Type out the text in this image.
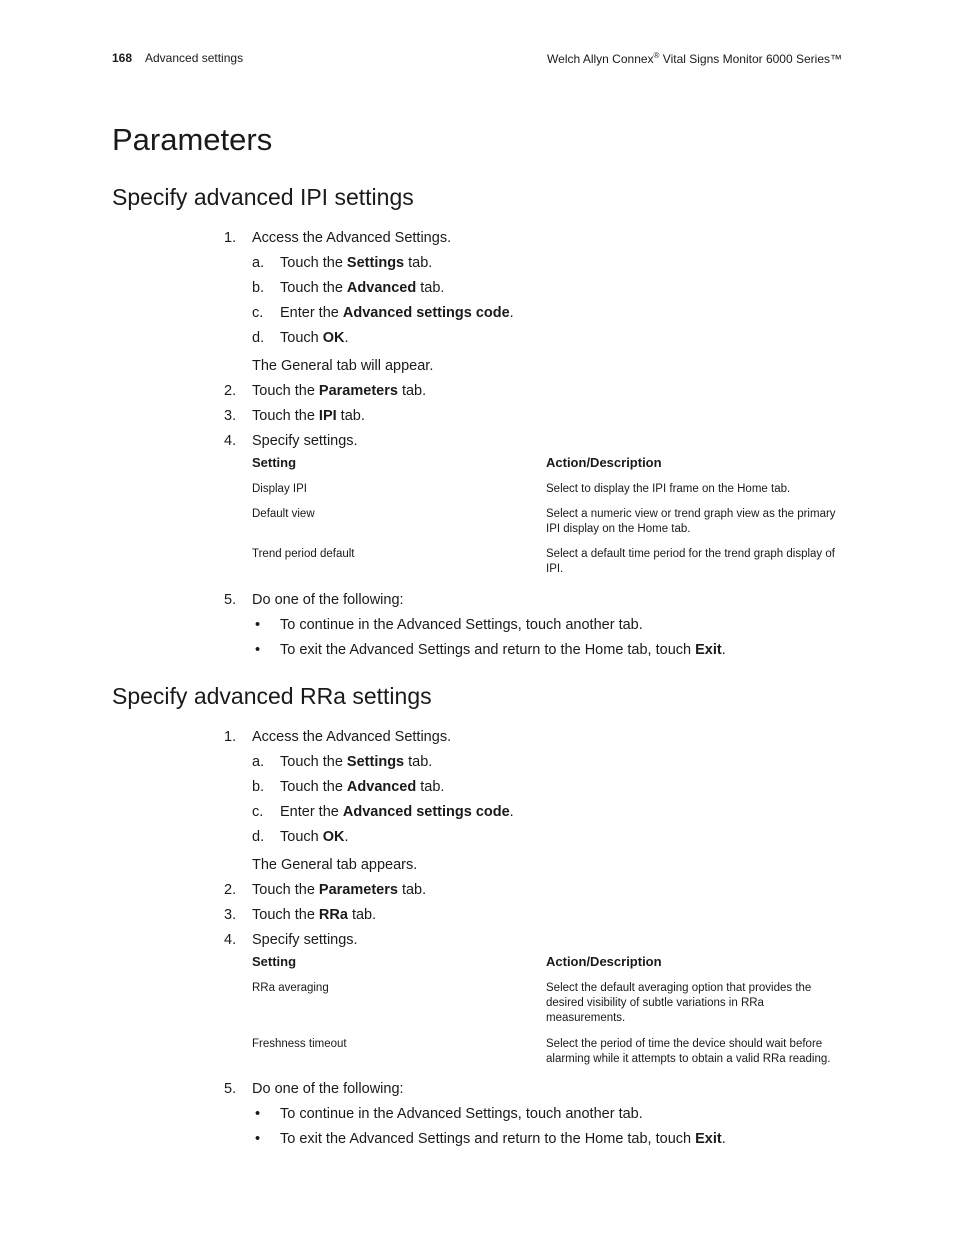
168 Advanced settings	Welch Allyn Connex® Vital Signs Monitor 6000 Series™
Parameters
Specify advanced IPI settings
1. Access the Advanced Settings.
a. Touch the Settings tab.
b. Touch the Advanced tab.
c. Enter the Advanced settings code.
d. Touch OK.
The General tab will appear.
2. Touch the Parameters tab.
3. Touch the IPI tab.
4. Specify settings.
Setting	Action/Description
Display IPI	Select to display the IPI frame on the Home tab.
Default view	Select a numeric view or trend graph view as the primary IPI display on the Home tab.
Trend period default	Select a default time period for the trend graph display of IPI.
5. Do one of the following:
• To continue in the Advanced Settings, touch another tab.
• To exit the Advanced Settings and return to the Home tab, touch Exit.
Specify advanced RRa settings
1. Access the Advanced Settings.
a. Touch the Settings tab.
b. Touch the Advanced tab.
c. Enter the Advanced settings code.
d. Touch OK.
The General tab appears.
2. Touch the Parameters tab.
3. Touch the RRa tab.
4. Specify settings.
Setting	Action/Description
RRa averaging	Select the default averaging option that provides the desired visibility of subtle variations in RRa measurements.
Freshness timeout	Select the period of time the device should wait before alarming while it attempts to obtain a valid RRa reading.
5. Do one of the following:
• To continue in the Advanced Settings, touch another tab.
• To exit the Advanced Settings and return to the Home tab, touch Exit.
